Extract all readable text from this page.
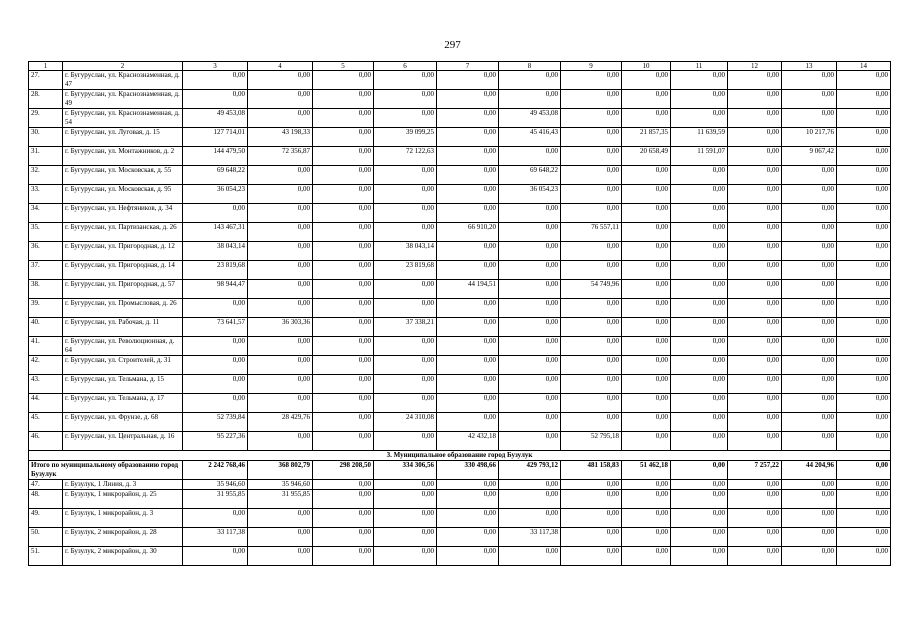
297
1	2	3	4	5	6	7	8	9	10	11	12	13	14
27.	г. Бугуруслан, ул. Краснознаменная, д. 47	0,00	0,00	0,00	0,00	0,00	0,00	0,00	0,00	0,00	0,00	0,00	0,00
28.	г. Бугуруслан, ул. Краснознаменная, д. 49	0,00	0,00	0,00	0,00	0,00	0,00	0,00	0,00	0,00	0,00	0,00	0,00
29.	г. Бугуруслан, ул. Краснознаменная, д. 54	49 453,08	0,00	0,00	0,00	0,00	49 453,08	0,00	0,00	0,00	0,00	0,00	0,00
30.	г. Бугуруслан, ул. Луговая, д. 15	127 714,01	43 198,33	0,00	39 099,25	0,00	45 416,43	0,00	21 857,35	11 639,59	0,00	10 217,76	0,00
31.	г. Бугуруслан, ул. Монтажников, д. 2	144 479,50	72 356,87	0,00	72 122,63	0,00	0,00	0,00	20 658,49	11 591,07	0,00	9 067,42	0,00
32.	г. Бугуруслан, ул. Московская, д. 55	69 648,22	0,00	0,00	0,00	0,00	69 648,22	0,00	0,00	0,00	0,00	0,00	0,00
33.	г. Бугуруслан, ул. Московская, д. 95	36 054,23	0,00	0,00	0,00	0,00	36 054,23	0,00	0,00	0,00	0,00	0,00	0,00
34.	г. Бугуруслан, ул. Нефтяников, д. 34	0,00	0,00	0,00	0,00	0,00	0,00	0,00	0,00	0,00	0,00	0,00	0,00
35.	г. Бугуруслан, ул. Партизанская, д. 26	143 467,31	0,00	0,00	0,00	66 910,20	0,00	76 557,11	0,00	0,00	0,00	0,00	0,00
36.	г. Бугуруслан, ул. Пригородная, д. 12	38 043,14	0,00	0,00	38 043,14	0,00	0,00	0,00	0,00	0,00	0,00	0,00	0,00
37.	г. Бугуруслан, ул. Пригородная, д. 14	23 819,68	0,00	0,00	23 819,68	0,00	0,00	0,00	0,00	0,00	0,00	0,00	0,00
38.	г. Бугуруслан, ул. Пригородная, д. 57	98 944,47	0,00	0,00	0,00	44 194,51	0,00	54 749,96	0,00	0,00	0,00	0,00	0,00
39.	г. Бугуруслан, ул. Промысловая, д. 26	0,00	0,00	0,00	0,00	0,00	0,00	0,00	0,00	0,00	0,00	0,00	0,00
40.	г. Бугуруслан, ул. Рабочая, д. 11	73 641,57	36 303,36	0,00	37 338,21	0,00	0,00	0,00	0,00	0,00	0,00	0,00	0,00
41.	г. Бугуруслан, ул. Революционная, д. 64	0,00	0,00	0,00	0,00	0,00	0,00	0,00	0,00	0,00	0,00	0,00	0,00
42.	г. Бугуруслан, ул. Строителей, д. 31	0,00	0,00	0,00	0,00	0,00	0,00	0,00	0,00	0,00	0,00	0,00	0,00
43.	г. Бугуруслан, ул. Тельмана, д. 15	0,00	0,00	0,00	0,00	0,00	0,00	0,00	0,00	0,00	0,00	0,00	0,00
44.	г. Бугуруслан, ул. Тельмана, д. 17	0,00	0,00	0,00	0,00	0,00	0,00	0,00	0,00	0,00	0,00	0,00	0,00
45.	г. Бугуруслан, ул. Фрунзе, д. 68	52 739,84	28 429,76	0,00	24 310,08	0,00	0,00	0,00	0,00	0,00	0,00	0,00	0,00
46.	г. Бугуруслан, ул. Центральная, д. 16	95 227,36	0,00	0,00	0,00	42 432,18	0,00	52 795,18	0,00	0,00	0,00	0,00	0,00
3. Муниципальное образование город Бузулук													
Итого по муниципальному образованию город Бузулук		2 242 768,46	368 802,79	298 208,50	334 306,56	330 498,66	429 793,12	481 158,83	51 462,18	0,00	7 257,22	44 204,96	0,00
47.	г. Бузулук, 1 Линия, д. 3	35 946,60	35 946,60	0,00	0,00	0,00	0,00	0,00	0,00	0,00	0,00	0,00	0,00
48.	г. Бузулук, 1 микрорайон, д. 25	31 955,85	31 955,85	0,00	0,00	0,00	0,00	0,00	0,00	0,00	0,00	0,00	0,00
49.	г. Бузулук, 1 микрорайон, д. 3	0,00	0,00	0,00	0,00	0,00	0,00	0,00	0,00	0,00	0,00	0,00	0,00
50.	г. Бузулук, 2 микрорайон, д. 28	33 117,38	0,00	0,00	0,00	0,00	33 117,38	0,00	0,00	0,00	0,00	0,00	0,00
51.	г. Бузулук, 2 микрорайон, д. 30	0,00	0,00	0,00	0,00	0,00	0,00	0,00	0,00	0,00	0,00	0,00	0,00
